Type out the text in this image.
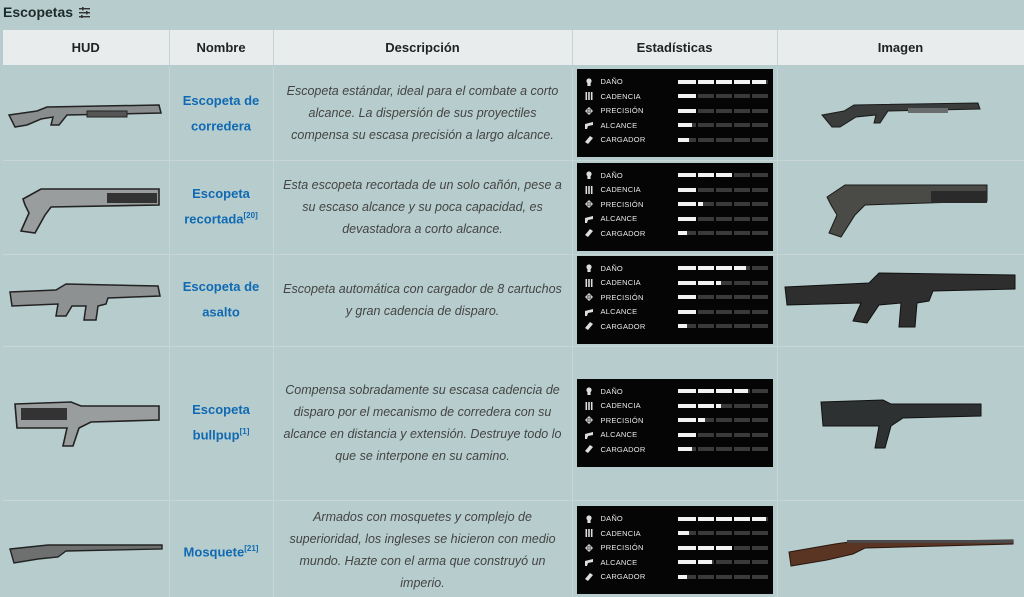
Escopetas
HUD	Nombre	Descripción	Estadísticas	Imagen

	Escopeta de corredera	Escopeta estándar, ideal para el combate a corto alcance. La dispersión de sus proyectiles compensa su escasa precisión a largo alcance.	DAÑO
CADENCIA
PRECISIÓN
ALCANCE
CARGADOR

	Escopeta recortada[20]	Esta escopeta recortada de un solo cañón, pese a su escaso alcance y su poca capacidad, es devastadora a corto alcance.	DAÑO
CADENCIA
PRECISIÓN
ALCANCE
CARGADOR

	Escopeta de asalto	Escopeta automática con cargador de 8 cartuchos y gran cadencia de disparo.	DAÑO
CADENCIA
PRECISIÓN
ALCANCE
CARGADOR

	Escopeta bullpup[1]	Compensa sobradamente su escasa cadencia de disparo por el mecanismo de corredera con su alcance en distancia y extensión. Destruye todo lo que se interpone en su camino.	DAÑO
CADENCIA
PRECISIÓN
ALCANCE
CARGADOR

	Mosquete[21]	Armados con mosquetes y complejo de superioridad, los ingleses se hicieron con medio mundo. Hazte con el arma que construyó un imperio.	DAÑO
CADENCIA
PRECISIÓN
ALCANCE
CARGADOR
